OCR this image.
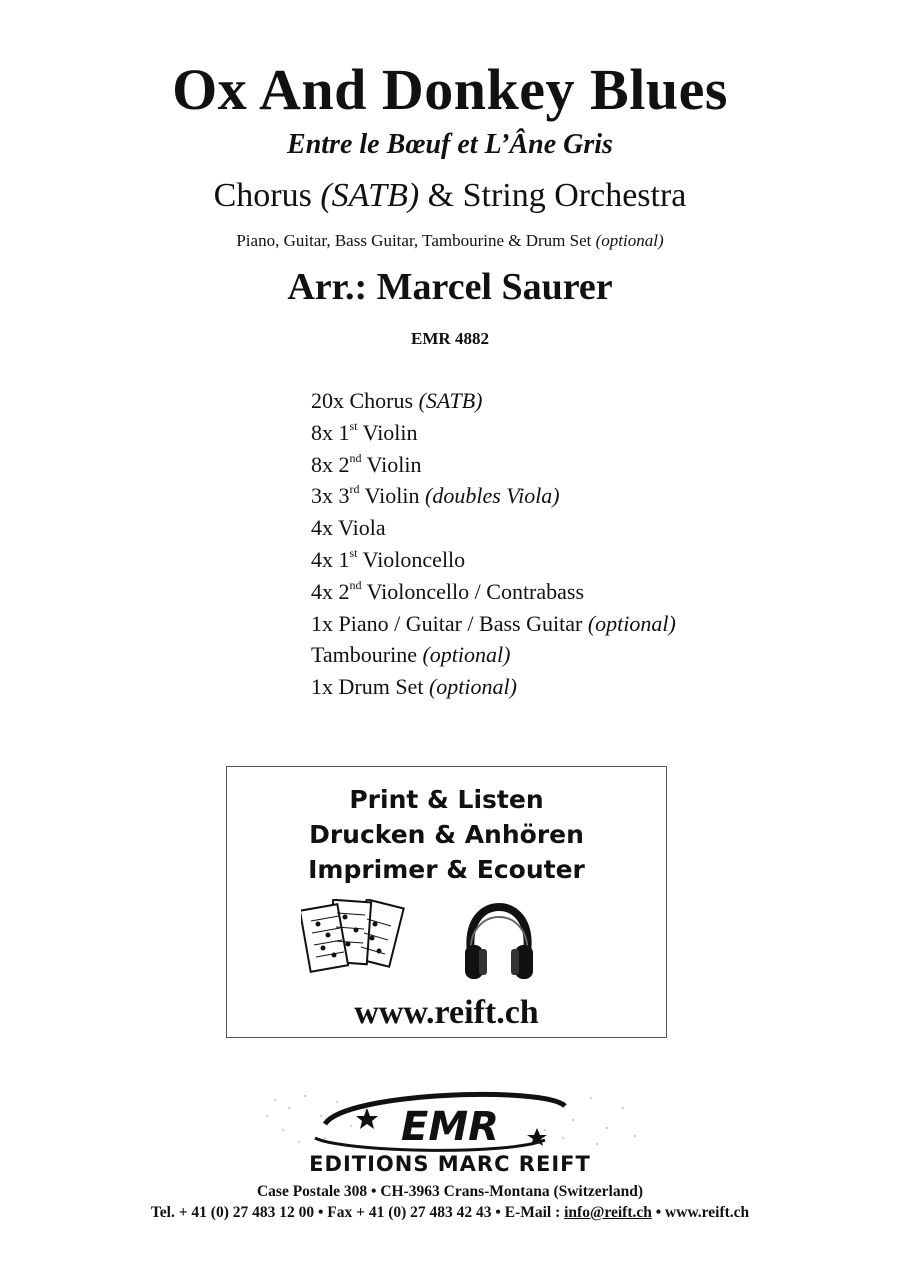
Ox And Donkey Blues
Entre le Bœuf et L’Âne Gris
Chorus (SATB) & String Orchestra
Piano, Guitar, Bass Guitar, Tambourine & Drum Set (optional)
Arr.: Marcel Saurer
EMR 4882
20x Chorus (SATB)
8x 1st Violin
8x 2nd Violin
3x 3rd Violin (doubles Viola)
4x Viola
4x 1st Violoncello
4x 2nd Violoncello / Contrabass
1x Piano / Guitar / Bass Guitar (optional)
Tambourine (optional)
1x Drum Set (optional)
Print & Listen
Drucken & Anhören
Imprimer & Ecouter
www.reift.ch
EMR
EDITIONS MARC REIFT
Case Postale 308 • CH-3963 Crans-Montana (Switzerland)
Tel. + 41 (0) 27 483 12 00 • Fax + 41 (0) 27 483 42 43 • E-Mail : info@reift.ch • www.reift.ch
